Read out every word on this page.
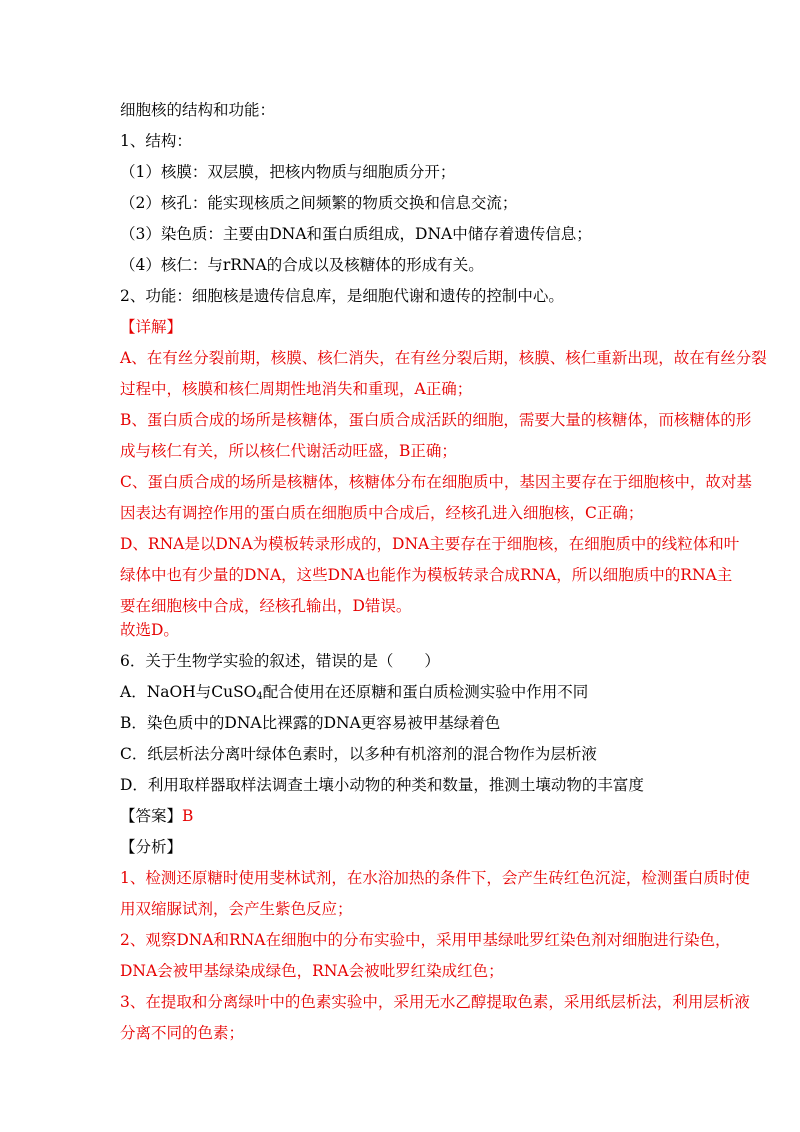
细胞核的结构和功能：
1、结构：
（1）核膜：双层膜，把核内物质与细胞质分开；
（2）核孔：能实现核质之间频繁的物质交换和信息交流；
（3）染色质：主要由DNA和蛋白质组成，DNA中储存着遗传信息；
（4）核仁：与rRNA的合成以及核糖体的形成有关。
2、功能：细胞核是遗传信息库，是细胞代谢和遗传的控制中心。
【详解】
A、在有丝分裂前期，核膜、核仁消失，在有丝分裂后期，核膜、核仁重新出现，故在有丝分裂
过程中，核膜和核仁周期性地消失和重现，A正确；
B、蛋白质合成的场所是核糖体，蛋白质合成活跃的细胞，需要大量的核糖体，而核糖体的形
成与核仁有关，所以核仁代谢活动旺盛，B正确；
C、蛋白质合成的场所是核糖体，核糖体分布在细胞质中，基因主要存在于细胞核中，故对基
因表达有调控作用的蛋白质在细胞质中合成后，经核孔进入细胞核，C正确；
D、RNA是以DNA为模板转录形成的，DNA主要存在于细胞核，在细胞质中的线粒体和叶
绿体中也有少量的DNA，这些DNA也能作为模板转录合成RNA，所以细胞质中的RNA主
要在细胞核中合成，经核孔输出，D错误。
故选D。
6．关于生物学实验的叙述，错误的是（　　）
A．NaOH与CuSO$_4$配合使用在还原糖和蛋白质检测实验中作用不同
B．染色质中的DNA比裸露的DNA更容易被甲基绿着色
C．纸层析法分离叶绿体色素时，以多种有机溶剂的混合物作为层析液
D．利用取样器取样法调查土壤小动物的种类和数量，推测土壤动物的丰富度
【答案】B
【分析】
1、检测还原糖时使用斐林试剂，在水浴加热的条件下，会产生砖红色沉淀，检测蛋白质时使
用双缩脲试剂，会产生紫色反应；
2、观察DNA和RNA在细胞中的分布实验中，采用甲基绿吡罗红染色剂对细胞进行染色，
DNA会被甲基绿染成绿色，RNA会被吡罗红染成红色；
3、在提取和分离绿叶中的色素实验中，采用无水乙醇提取色素，采用纸层析法，利用层析液
分离不同的色素；
